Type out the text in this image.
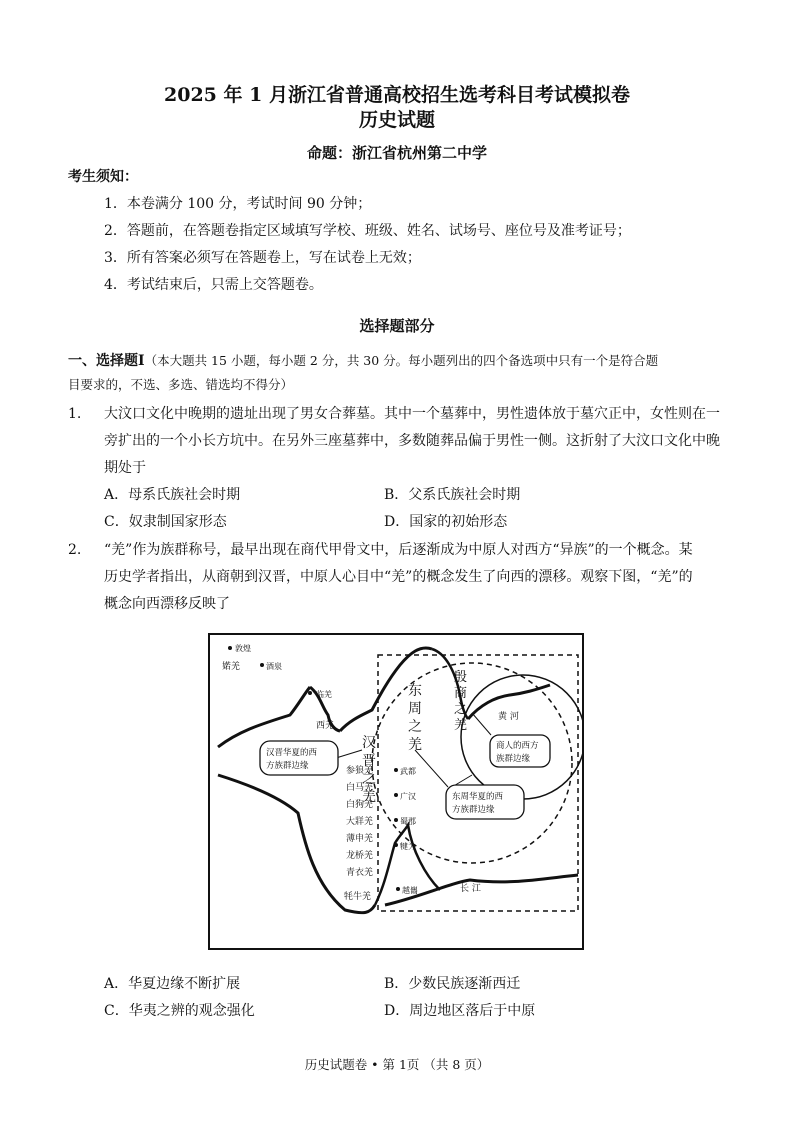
2025 年 1 月浙江省普通高校招生选考科目考试模拟卷
历史试题
命题：浙江省杭州第二中学
考生须知：
1．本卷满分 100 分，考试时间 90 分钟；
2．答题前，在答题卷指定区域填写学校、班级、姓名、试场号、座位号及准考证号；
3．所有答案必须写在答题卷上，写在试卷上无效；
4．考试结束后，只需上交答题卷。
选择题部分
一、选择题Ⅰ（本大题共 15 小题，每小题 2 分，共 30 分。每小题列出的四个备选项中只有一个是符合题
目要求的，不选、多选、错选均不得分）
1. 大汶口文化中晚期的遗址出现了男女合葬墓。其中一个墓葬中，男性遗体放于墓穴正中，女性则在一
旁扩出的一个小长方坑中。在另外三座墓葬中，多数随葬品偏于男性一侧。这折射了大汶口文化中晚
期处于
A．母系氏族社会时期	B．父系氏族社会时期
C．奴隶制国家形态	D．国家的初始形态
2. “羌”作为族群称号，最早出现在商代甲骨文中，后逐渐成为中原人对西方“异族”的一个概念。某
历史学者指出，从商朝到汉晋，中原人心目中“羌”的概念发生了向西的漂移。观察下图，“羌”的
概念向西漂移反映了
敦煌
婼羌	酒泉
临羌
西羌
武都
广汉
蜀郡
犍为
越巂
黄 河
长 江
汉
晋
之
羌
东
周
之
羌
殷
商
之
羌
参狼羌
白马羌
白狗羌
大牂羌
薄申羌
龙桥羌
青衣羌
牦牛羌
汉晋华夏的西
方族群边缘
商人的西方
族群边缘
东周华夏的西
方族群边缘
A．华夏边缘不断扩展	B．少数民族逐渐西迁
C．华夷之辨的观念强化	D．周边地区落后于中原
历史试题卷 • 第 1页 （共 8 页）
